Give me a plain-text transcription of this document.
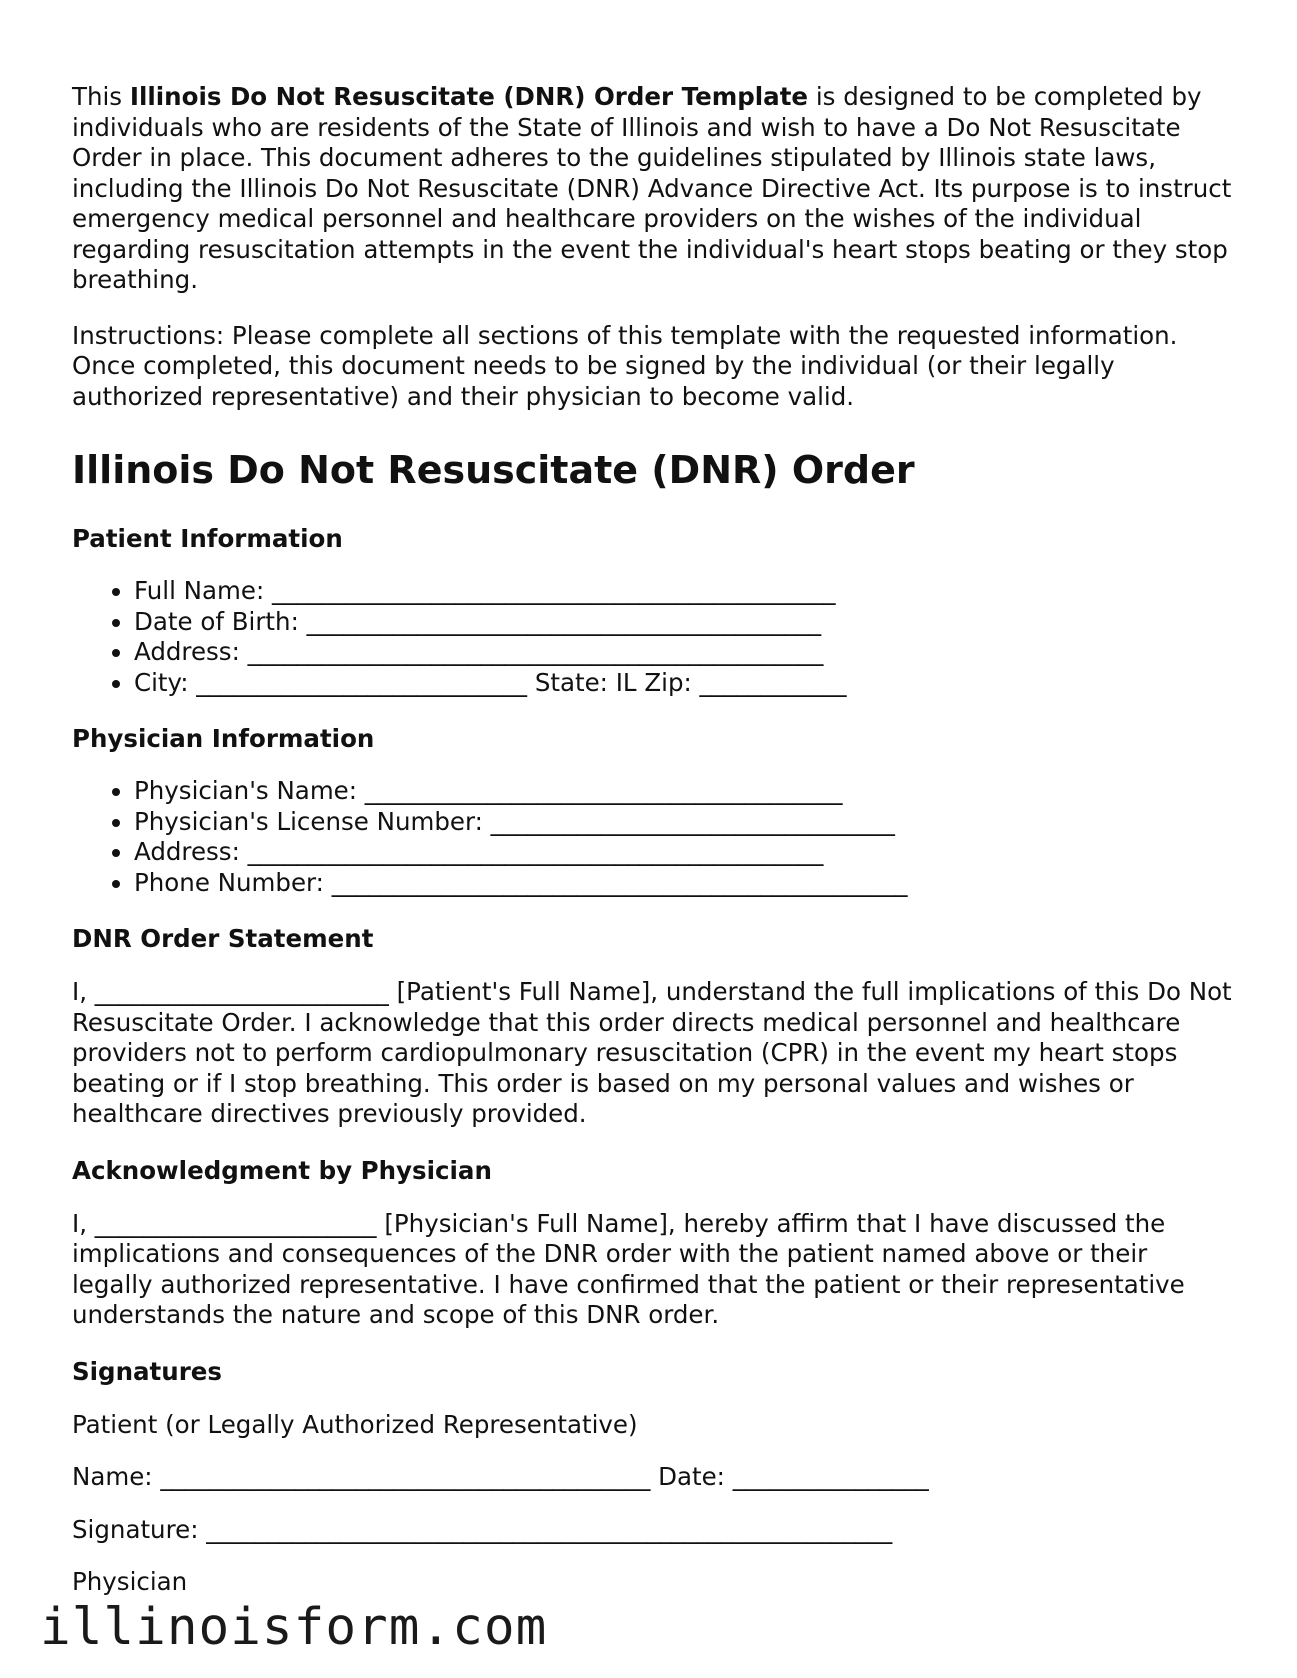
This Illinois Do Not Resuscitate (DNR) Order Template is designed to be completed by individuals who are residents of the State of Illinois and wish to have a Do Not Resuscitate Order in place. This document adheres to the guidelines stipulated by Illinois state laws, including the Illinois Do Not Resuscitate (DNR) Advance Directive Act. Its purpose is to instruct emergency medical personnel and healthcare providers on the wishes of the individual regarding resuscitation attempts in the event the individual's heart stops beating or they stop breathing.

Instructions: Please complete all sections of this template with the requested information. Once completed, this document needs to be signed by the individual (or their legally authorized representative) and their physician to become valid.

Illinois Do Not Resuscitate (DNR) Order
Patient Information
• Full Name: ______________________________________________
• Date of Birth: __________________________________________
• Address: _______________________________________________
• City: ___________________________ State: IL Zip: ____________
Physician Information
• Physician's Name: _______________________________________
• Physician's License Number: _________________________________
• Address: _______________________________________________
• Phone Number: _______________________________________________
DNR Order Statement

I, ________________________ [Patient's Full Name], understand the full implications of this Do Not Resuscitate Order. I acknowledge that this order directs medical personnel and healthcare providers not to perform cardiopulmonary resuscitation (CPR) in the event my heart stops beating or if I stop breathing. This order is based on my personal values and wishes or healthcare directives previously provided.

Acknowledgment by Physician

I, _______________________ [Physician's Full Name], hereby affirm that I have discussed the implications and consequences of the DNR order with the patient named above or their legally authorized representative. I have confirmed that the patient or their representative understands the nature and scope of this DNR order.

Signatures

Patient (or Legally Authorized Representative)

Name: ________________________________________ Date: ________________

Signature: ________________________________________________________

Physician

illinoisform.com
